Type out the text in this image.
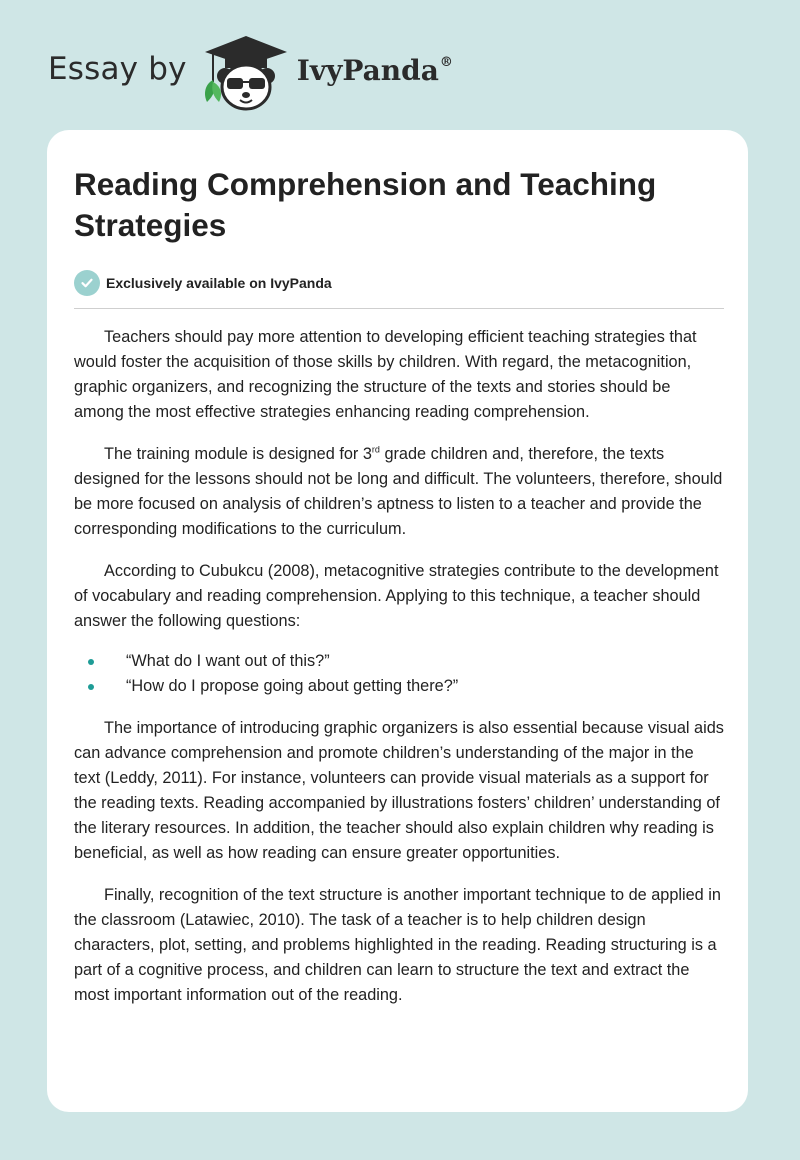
Essay by	IvyPanda®
Reading Comprehension and Teaching Strategies
Exclusively available on IvyPanda

Teachers should pay more attention to developing efficient teaching strategies that would foster the acquisition of those skills by children. With regard, the metacognition, graphic organizers, and recognizing the structure of the texts and stories should be among the most effective strategies enhancing reading comprehension.

The training module is designed for 3rd grade children and, therefore, the texts designed for the lessons should not be long and difficult. The volunteers, therefore, should be more focused on analysis of children’s aptness to listen to a teacher and provide the corresponding modifications to the curriculum.

According to Cubukcu (2008), metacognitive strategies contribute to the development of vocabulary and reading comprehension. Applying to this technique, a teacher should answer the following questions:

“What do I want out of this?”
“How do I propose going about getting there?”

The importance of introducing graphic organizers is also essential because visual aids can advance comprehension and promote children’s understanding of the major in the text (Leddy, 2011). For instance, volunteers can provide visual materials as a support for the reading texts. Reading accompanied by illustrations fosters’ children’ understanding of the literary resources. In addition, the teacher should also explain children why reading is beneficial, as well as how reading can ensure greater opportunities.

Finally, recognition of the text structure is another important technique to de applied in the classroom (Latawiec, 2010). The task of a teacher is to help children design characters, plot, setting, and problems highlighted in the reading. Reading structuring is a part of a cognitive process, and children can learn to structure the text and extract the most important information out of the reading.
